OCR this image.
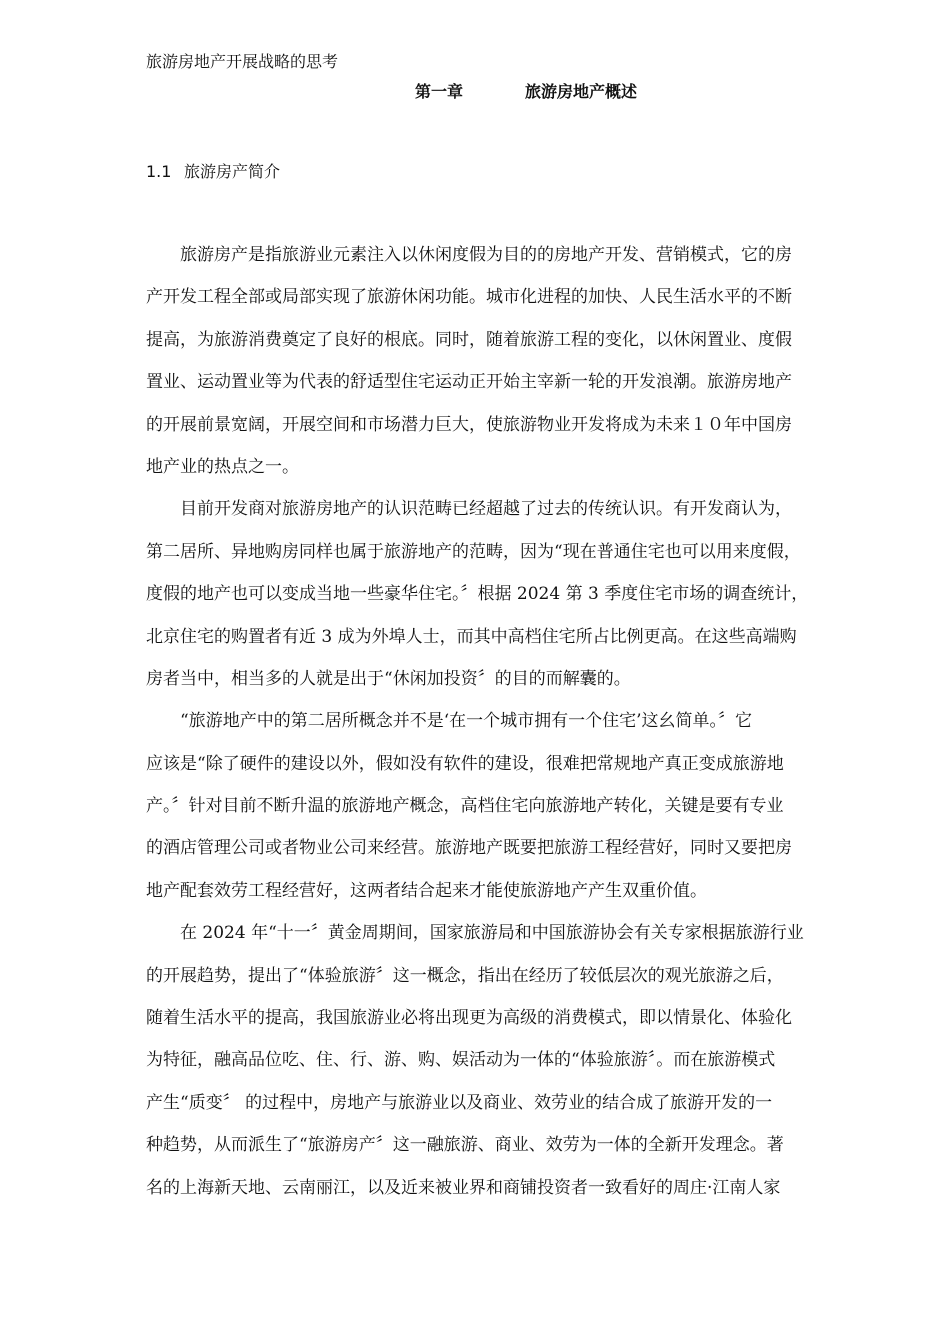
旅游房地产开展战略的思考
第一章	旅游房地产概述
1.1 旅游房产简介

旅游房产是指旅游业元素注入以休闲度假为目的的房地产开发、营销模式，它的房
产开发工程全部或局部实现了旅游休闲功能。城市化进程的加快、人民生活水平的不断
提高，为旅游消费奠定了良好的根底。同时，随着旅游工程的变化，以休闲置业、度假
置业、运动置业等为代表的舒适型住宅运动正开始主宰新一轮的开发浪潮。旅游房地产
的开展前景宽阔，开展空间和市场潜力巨大，使旅游物业开发将成为未来１０年中国房
地产业的热点之一。

目前开发商对旅游房地产的认识范畴已经超越了过去的传统认识。有开发商认为，
第二居所、异地购房同样也属于旅游地产的范畴，因为“现在普通住宅也可以用来度假，
度假的地产也可以变成当地一些豪华住宅。〞根据 2024 第 3 季度住宅市场的调查统计，
北京住宅的购置者有近 3 成为外埠人士，而其中高档住宅所占比例更高。在这些高端购
房者当中，相当多的人就是出于“休闲加投资〞的目的而解囊的。

“旅游地产中的第二居所概念并不是‘在一个城市拥有一个住宅’这幺简单。〞它
应该是“除了硬件的建设以外，假如没有软件的建设，很难把常规地产真正变成旅游地
产。〞针对目前不断升温的旅游地产概念，高档住宅向旅游地产转化，关键是要有专业
的酒店管理公司或者物业公司来经营。旅游地产既要把旅游工程经营好，同时又要把房
地产配套效劳工程经营好，这两者结合起来才能使旅游地产产生双重价值。

在 2024 年“十一〞黄金周期间，国家旅游局和中国旅游协会有关专家根据旅游行业
的开展趋势，提出了“体验旅游〞这一概念，指出在经历了较低层次的观光旅游之后，
随着生活水平的提高，我国旅游业必将出现更为高级的消费模式，即以情景化、体验化
为特征，融高品位吃、住、行、游、购、娱活动为一体的“体验旅游〞。而在旅游模式
产生“质变〞 的过程中，房地产与旅游业以及商业、效劳业的结合成了旅游开发的一
种趋势，从而派生了“旅游房产〞这一融旅游、商业、效劳为一体的全新开发理念。著
名的上海新天地、云南丽江，以及近来被业界和商铺投资者一致看好的周庄·江南人家
